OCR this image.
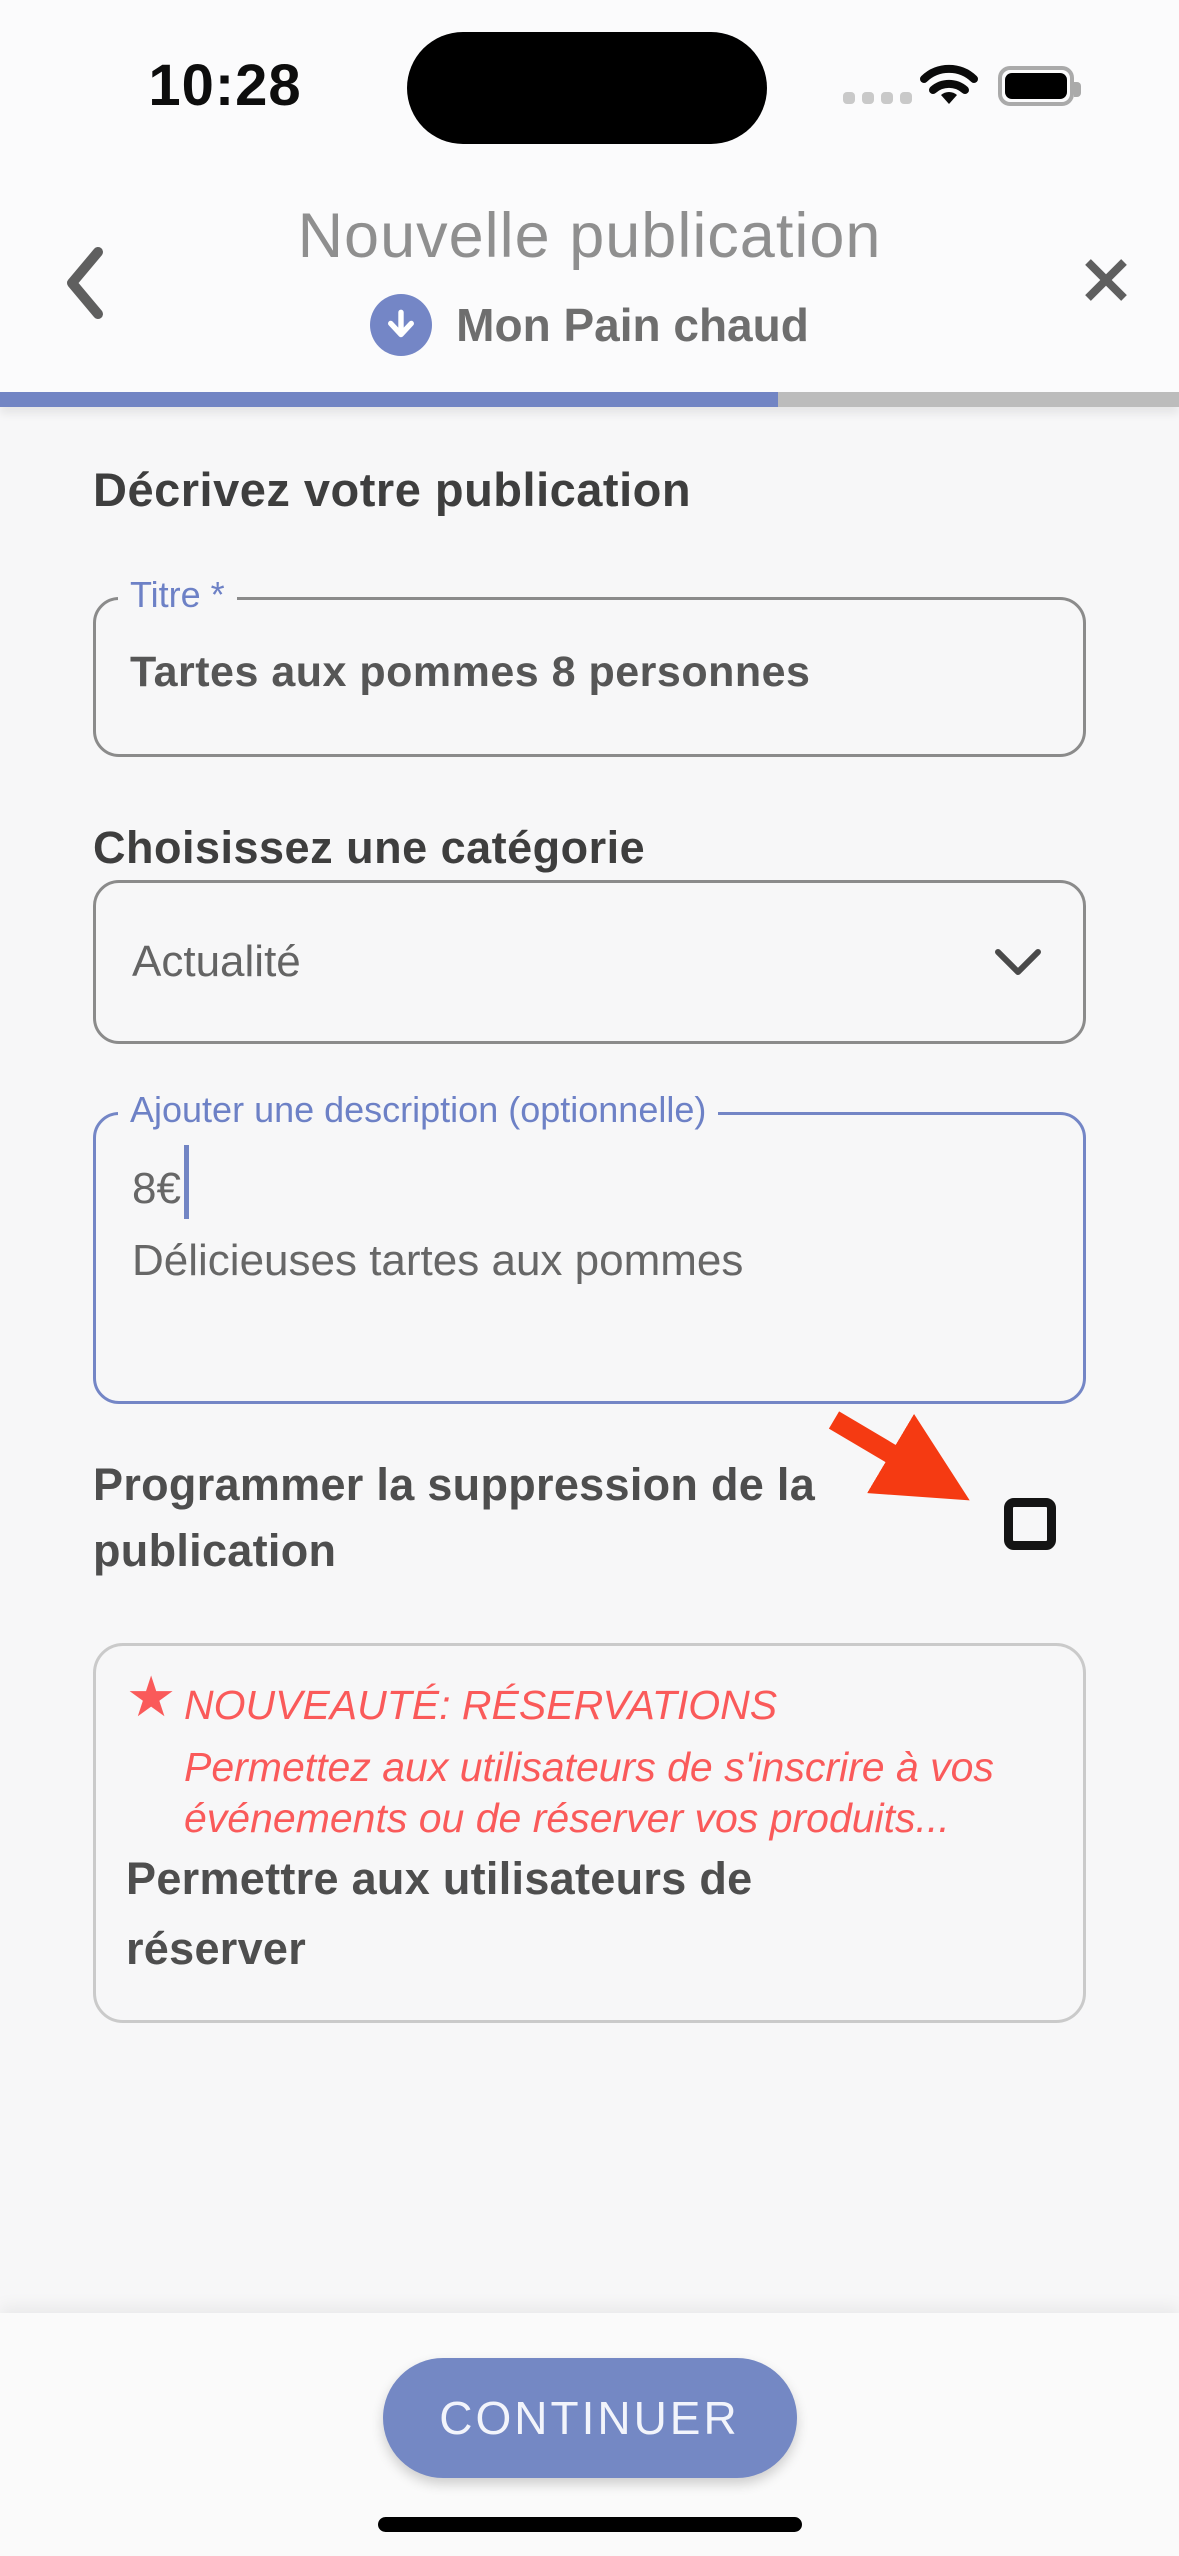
10:28
Nouvelle publication
Mon Pain chaud
Décrivez votre publication
Titre *
Tartes aux pommes 8 personnes
Choisissez une catégorie
Actualité
Ajouter une description (optionnelle)
8€
Délicieuses tartes aux pommes
Programmer la suppression de la publication
★ NOUVEAUTÉ: RÉSERVATIONS
Permettez aux utilisateurs de s'inscrire à vos événements ou de réserver vos produits...
Permettre aux utilisateurs de réserver
CONTINUER
